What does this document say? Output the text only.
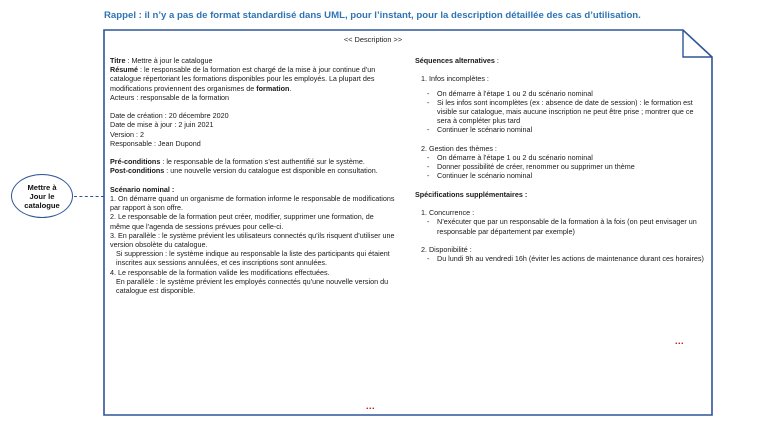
Rappel : il n’y a pas de format standardisé dans UML, pour l’instant, pour la description détaillée des cas d’utilisation.
Mettre à Jour le catalogue
<< Description >>
Titre : Mettre à jour le catalogue
Résumé : le responsable de la formation est chargé de la mise à jour continue d’un catalogue répertoriant les formations disponibles pour les employés. La plupart des modifications proviennent des organismes de formation.
Acteurs : responsable de la formation
Date de création : 20 décembre 2020
Date de mise à jour : 2 juin 2021
Version : 2
Responsable : Jean Dupond
Pré-conditions : le responsable de la formation s’est authentifié sur le système.
Post-conditions : une nouvelle version du catalogue est disponible en consultation.
Scénario nominal :
1. On démarre quand un organisme de formation informe le responsable de modifications par rapport à son offre.
2. Le responsable de la formation peut créer, modifier, supprimer une formation, de même que l’agenda de sessions prévues pour celle-ci.
3. En parallèle : le système prévient les utilisateurs connectés qu’ils risquent d’utiliser une version obsolète du catalogue.
Si suppression : le système indique au responsable la liste des participants qui étaient inscrites aux sessions annulées, et ces inscriptions sont annulées.
4. Le responsable de la formation valide les modifications effectuées.
En parallèle : le système prévient les employés connectés qu’une nouvelle version du catalogue est disponible.
Séquences alternatives :
1. Infos incomplètes :
- On démarre à l’étape 1 ou 2 du scénario nominal
- Si les infos sont incomplètes (ex : absence de date de session) : le formation est visible sur catalogue, mais aucune inscription ne peut être prise ; montrer que ce sera à compléter plus tard
- Continuer le scénario nominal
2. Gestion des thèmes :
- On démarre à l’étape 1 ou 2 du scénario nominal
- Donner possibilité de créer, renommer ou supprimer un thème
- Continuer le scénario nominal
Spécifications supplémentaires :
1. Concurrence :
- N’exécuter que par un responsable de la formation à la fois (on peut envisager un responsable par département par exemple)
2. Disponibilité :
- Du lundi 9h au vendredi 16h (éviter les actions de maintenance durant ces horaires)
...
...
